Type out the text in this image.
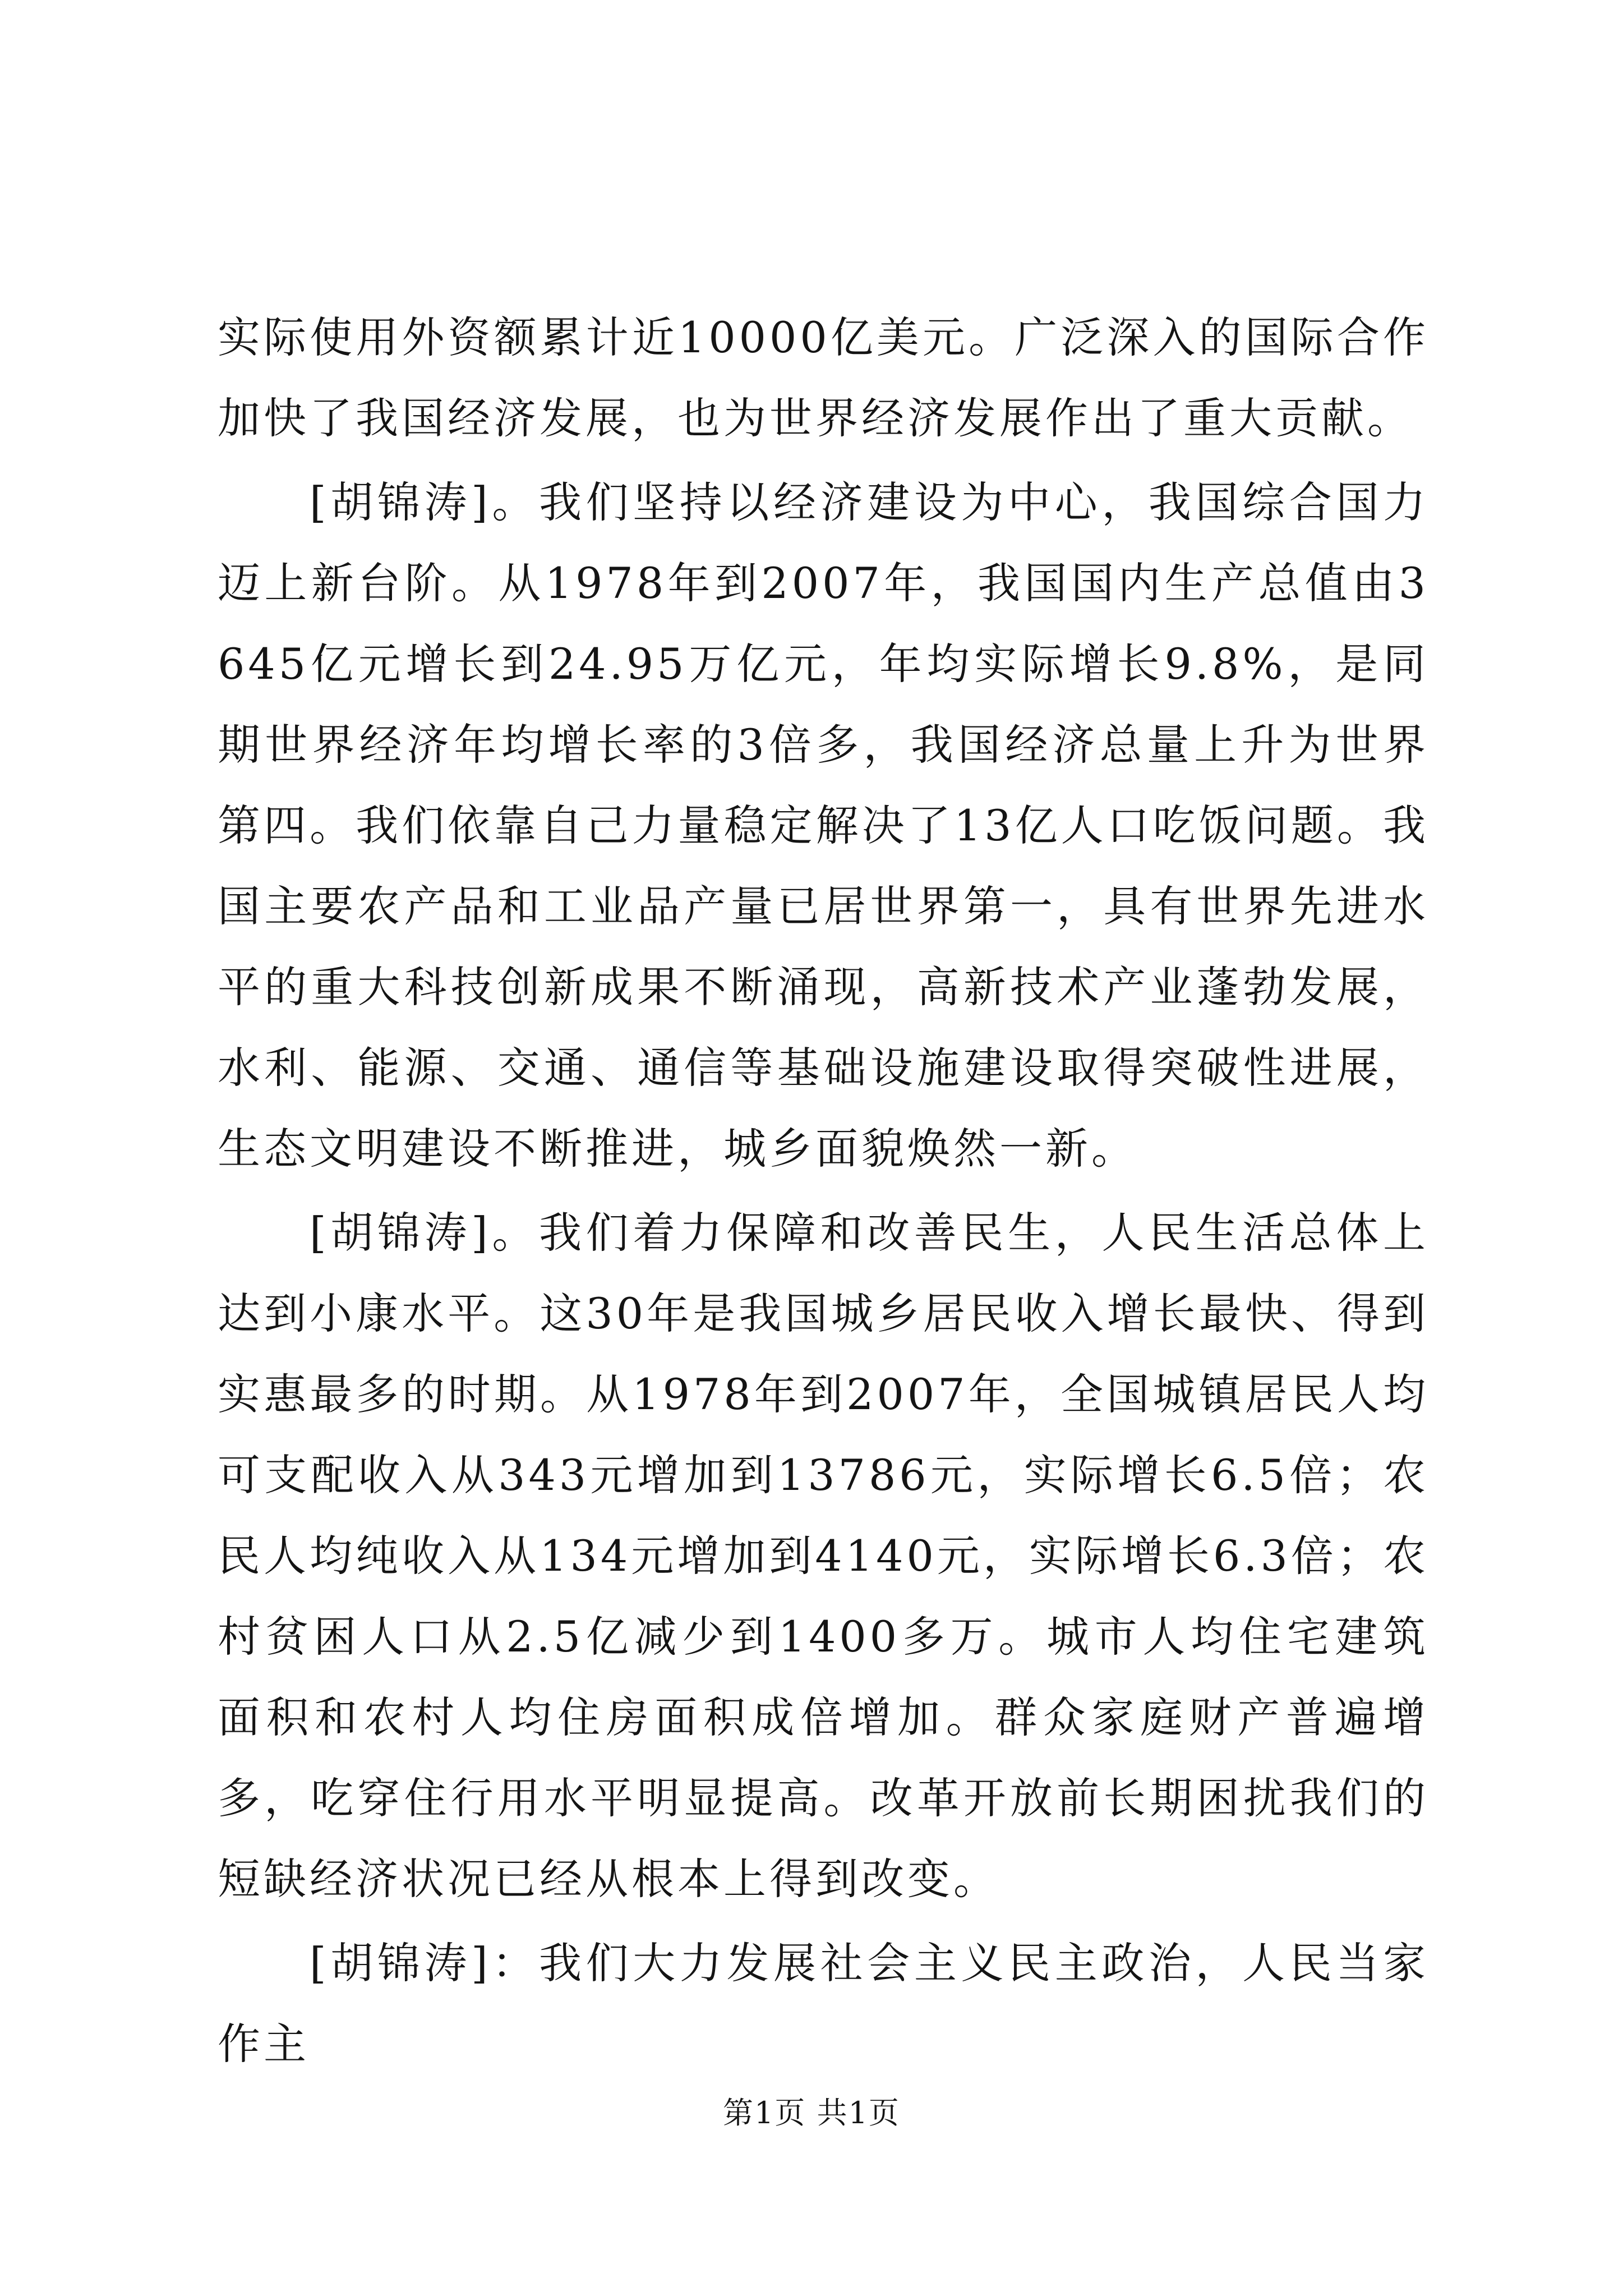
实际使用外资额累计近10000亿美元。广泛深入的国际合作加快了我国经济发展，也为世界经济发展作出了重大贡献。

[胡锦涛]。我们坚持以经济建设为中心，我国综合国力迈上新台阶。从1978年到2007年，我国国内生产总值由3645亿元增长到24.95万亿元，年均实际增长9.8%，是同期世界经济年均增长率的3倍多，我国经济总量上升为世界第四。我们依靠自己力量稳定解决了13亿人口吃饭问题。我国主要农产品和工业品产量已居世界第一，具有世界先进水平的重大科技创新成果不断涌现，高新技术产业蓬勃发展，水利、能源、交通、通信等基础设施建设取得突破性进展，生态文明建设不断推进，城乡面貌焕然一新。

[胡锦涛]。我们着力保障和改善民生，人民生活总体上达到小康水平。这30年是我国城乡居民收入增长最快、得到实惠最多的时期。从1978年到2007年，全国城镇居民人均可支配收入从343元增加到13786元，实际增长6.5倍；农民人均纯收入从134元增加到4140元，实际增长6.3倍；农村贫困人口从2.5亿减少到1400多万。城市人均住宅建筑面积和农村人均住房面积成倍增加。群众家庭财产普遍增多，吃穿住行用水平明显提高。改革开放前长期困扰我们的短缺经济状况已经从根本上得到改变。

[胡锦涛]：我们大力发展社会主义民主政治，人民当家作主

第1页 共1页
